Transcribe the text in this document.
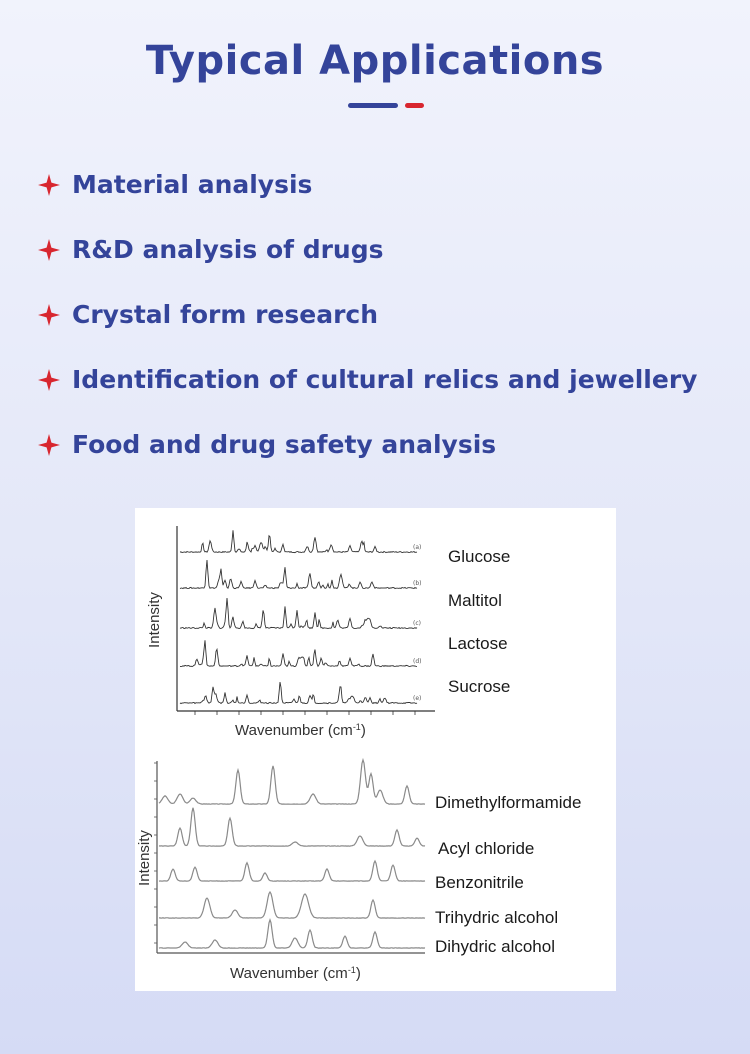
Typical Applications
Material analysis
R&D analysis of drugs
Crystal form research
Identification of cultural relics and jewellery
Food and drug safety analysis
(a)
(b)
(c)
(d)
(e)
Intensity
Wavenumber $(cm^{-1})$
Glucose
Maltitol
Lactose
Sucrose
Intensity
Wavenumber $(cm^{-1})$
Dimethylformamide
Acyl chloride
Benzonitrile
Trihydric alcohol
Dihydric alcohol
